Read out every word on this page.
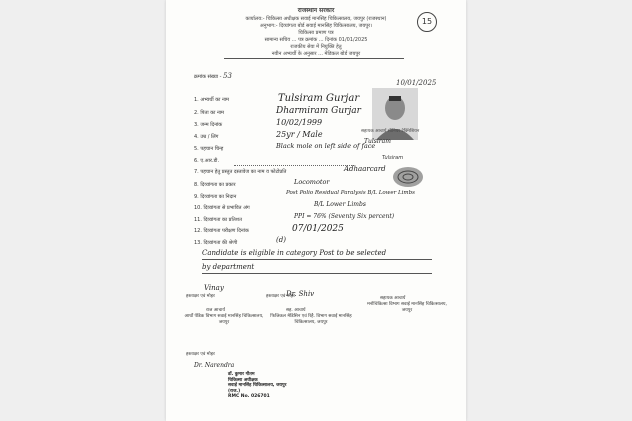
15
राजस्थान सरकार
कार्यालय:- चिकित्सा अधीक्षक सवाई मानसिंह चिकित्सालय, जयपुर (राजस्थान)
अनुभाग:- दिव्यांगता बोर्ड सवाई मानसिंह चिकित्सालय, जयपुर।
चिकित्सा प्रमाण पत्र
सामान्य सचिव ... पत्र क्रमांक ... दिनांक 01/01/2025
राजकीय सेवा में नियुक्ति हेतु
नवीन अभ्यर्थी के अनुसार ... मेडिकल बोर्ड जयपुर
क्रमांक संख्या - 53
10/01/2025
सहायक आचार्य सीनियर टेक्निशियन
Tulsiram
1. अभ्यर्थी का नाम	Tulsiram Gurjar
2. पिता का नाम	Dharmiram Gurjar
3. जन्म दिनांक	10/02/1999
4. उम्र / लिंग	25yr / Male
5. पहचान चिन्ह	Black mole on left side of face
6. ए.आर.डी.
7. पहचान हेतु प्रस्तुत दस्तावेज का नाम व फोटोप्रति	Adhaarcard
8. दिव्यांगता का प्रकार	Locomotor
9. दिव्यांगता का निदान
Post Polio Residual Paralysis B/L Lower Limbs
10. दिव्यांगता से प्रभावित अंग	B/L Lower Limbs
11. दिव्यांगता का प्रतिशत	PPI = 76% (Seventy Six percent)
12. दिव्यांगता परीक्षण दिनांक	07/01/2025
13. दिव्यांगता की श्रेणी	(d)
Tulsiram
Candidate is eligible in category Post to be selected
by department
Vinay
हस्ताक्षर एवं मोहर
राज आचार्य
आर्थो पेडिक विभाग सवाई मानसिंह चिकित्सालय, जयपुर
Dr. Shiv
हस्ताक्षर एवं मोहर
सह. आचार्य
फिजिकल मेडिसिन एवं रिहै. विभाग सवाई मानसिंह चिकित्सालय, जयपुर
सहायक आचार्य
मनोचिकित्सा विभाग सवाई मानसिंह चिकित्सालय, जयपुर
हस्ताक्षर एवं मोहर
Dr. Narendra
डॉ. कुमार गौतम
चिकित्सा अधीक्षक
सवाई मानसिंह चिकित्सालय, जयपुर (राज.)
RMC No. 026701
